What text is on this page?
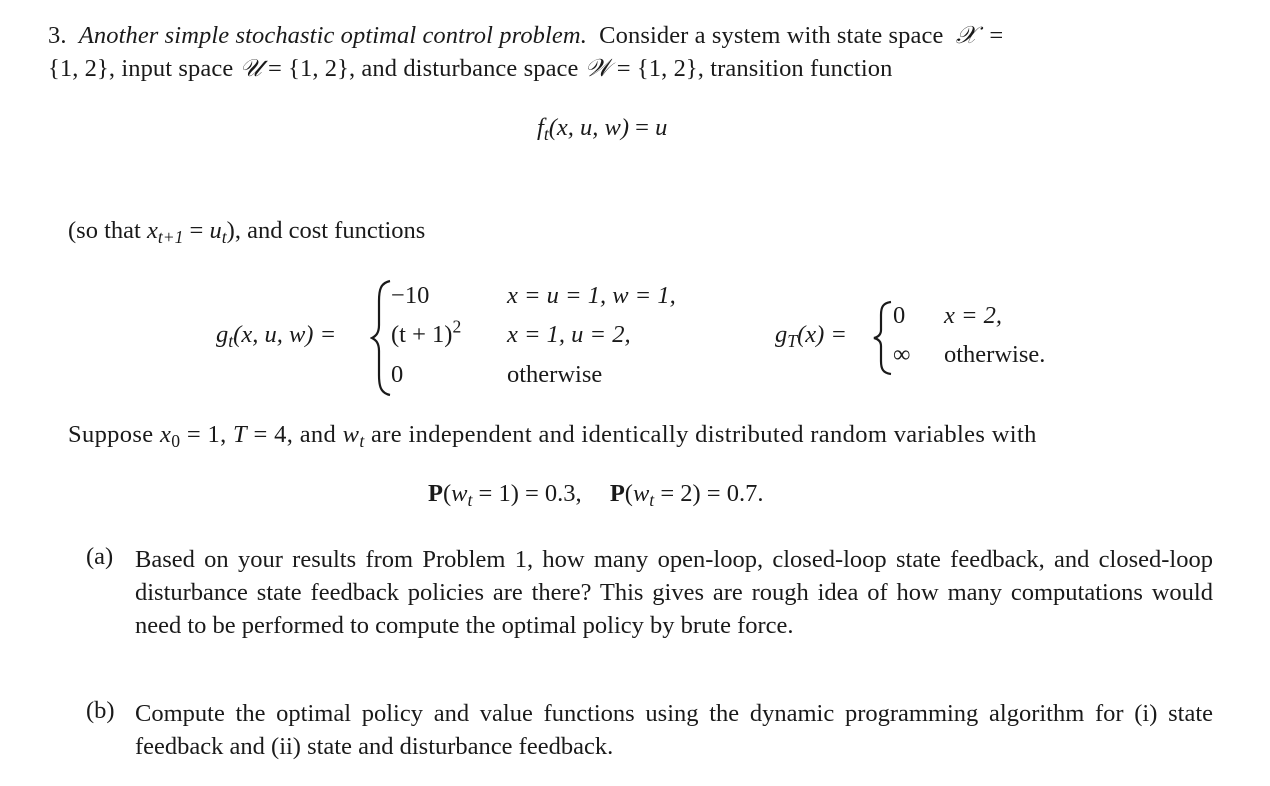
3. Another simple stochastic optimal control problem. Consider a system with state space 𝒳  =
{1, 2}, input space 𝒰 = {1, 2}, and disturbance space 𝒲 = {1, 2}, transition function
$f_t(x$, u, w) = u
(so that $x_{t+1} = u_t$), and cost functions
$g_t(x$, u, w) =
−10	x = u = 1, w = 1,
$(t + 1)^2$ x = 1, u = 2,
0	otherwise
$g_T(x)$ =
0 x = 2,
∞ otherwise.
Suppose $x_0 = 1$, T = 4, and $w_t$ are independent and identically distributed random variables with
$P(w_t = 1) = 0.3$, $P(w_t = 2) = 0.7$.
(a) Based on your results from Problem 1, how many open-loop, closed-loop state feedback, and closed-loop disturbance state feedback policies are there? This gives are rough idea of how many computations would need to be performed to compute the optimal policy by brute force.
(b) Compute the optimal policy and value functions using the dynamic programming algorithm for (i) state feedback and (ii) state and disturbance feedback.
